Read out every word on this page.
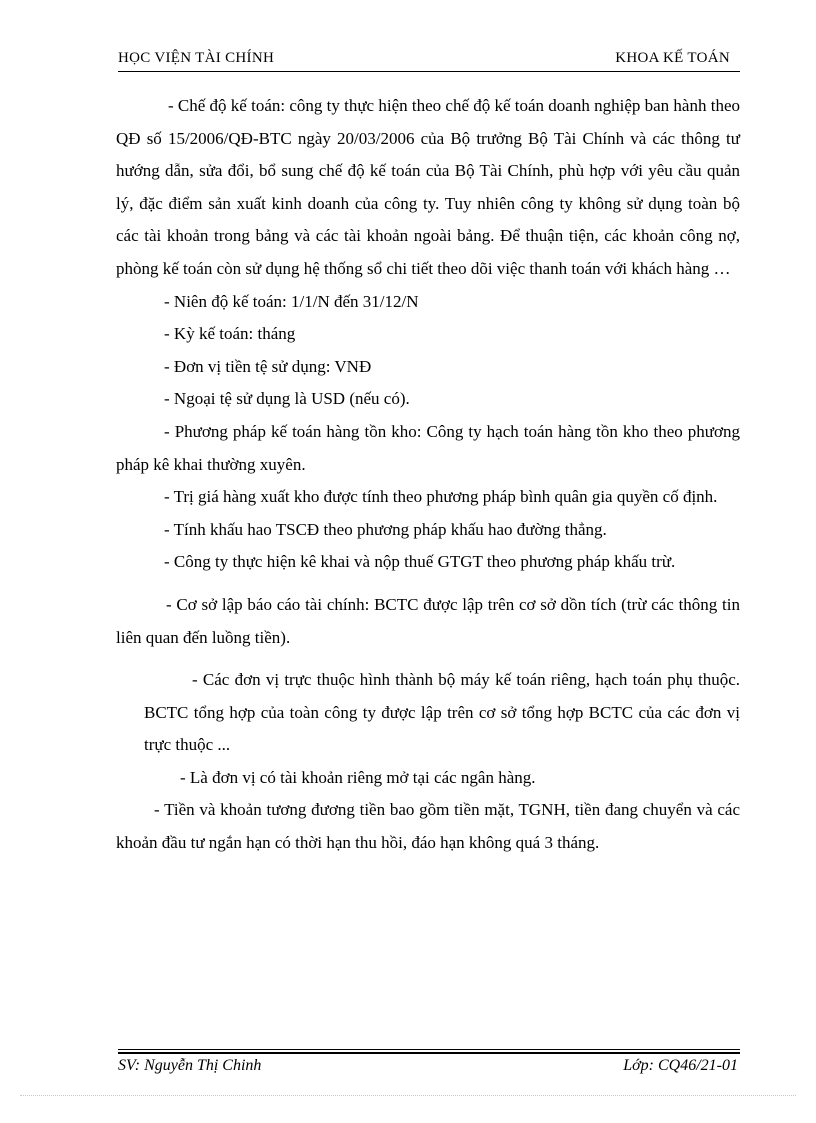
HỌC VIỆN TÀI CHÍNH	KHOA KẾ TOÁN

- Chế độ kế toán: công ty thực hiện theo chế độ kế toán doanh nghiệp ban hành theo QĐ số 15/2006/QĐ-BTC ngày 20/03/2006 của Bộ trưởng Bộ Tài Chính và các thông tư hướng dẫn, sửa đổi, bổ sung chế độ kế toán của Bộ Tài Chính, phù hợp với yêu cầu quản lý, đặc điểm sản xuất kinh doanh của công ty. Tuy nhiên công ty không sử dụng toàn bộ các tài khoản trong bảng và các tài khoản ngoài bảng. Để thuận tiện, các khoản công nợ, phòng kế toán còn sử dụng hệ thống sổ chi tiết theo dõi việc thanh toán với khách hàng …

- Niên độ kế toán: 1/1/N đến 31/12/N

- Kỳ kế toán: tháng

- Đơn vị tiền tệ sử dụng: VNĐ

- Ngoại tệ sử dụng là USD (nếu có).

- Phương pháp kế toán hàng tồn kho: Công ty hạch toán hàng tồn kho theo phương pháp kê khai thường xuyên.

- Trị giá hàng xuất kho được tính theo phương pháp bình quân gia quyền cố định.

- Tính khấu hao TSCĐ theo phương pháp khấu hao đường thẳng.

- Công ty thực hiện kê khai và nộp thuế GTGT theo phương pháp khấu trừ.

- Cơ sở lập báo cáo tài chính: BCTC được lập trên cơ sở dồn tích (trừ các thông tin liên quan đến luồng tiền).

- Các đơn vị trực thuộc hình thành bộ máy kế toán riêng, hạch toán phụ thuộc. BCTC tổng hợp của toàn công ty được lập trên cơ sở tổng hợp BCTC của các đơn vị trực thuộc ...

- Là đơn vị có tài khoản riêng mở tại các ngân hàng.

- Tiền và khoản tương đương tiền bao gồm tiền mặt, TGNH, tiền đang chuyển và các khoản đầu tư ngắn hạn có thời hạn thu hồi, đáo hạn không quá 3 tháng.

SV: Nguyễn Thị Chinh	Lớp: CQ46/21-01
